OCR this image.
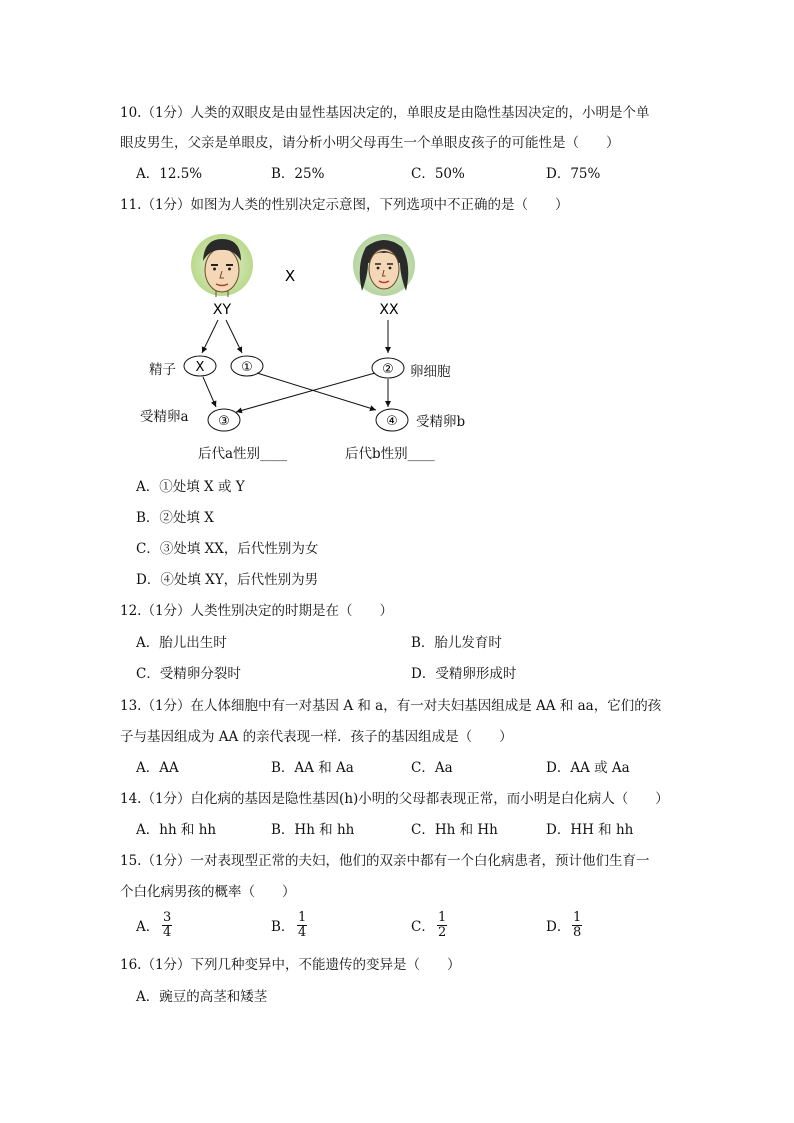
10.（1分）人类的双眼皮是由显性基因决定的，单眼皮是由隐性基因决定的，小明是个单
眼皮男生，父亲是单眼皮，请分析小明父母再生一个单眼皮孩子的可能性是（　　）
A．12.5%	B．25%	C．50%	D．75%
11.（1分）如图为人类的性别决定示意图，下列选项中不正确的是（　　）
X
XY	XX
X	①	②
③	④
精子	卵细胞
受精卵a	受精卵b
后代a性别____	后代b性别____
A．①处填 X 或 Y
B．②处填 X
C．③处填 XX，后代性别为女
D．④处填 XY，后代性别为男
12.（1分）人类性别决定的时期是在（　　）
A．胎儿出生时	B．胎儿发育时
C．受精卵分裂时	D．受精卵形成时
13.（1分）在人体细胞中有一对基因 A 和 a，有一对夫妇基因组成是 AA 和 aa，它们的孩
子与基因组成为 AA 的亲代表现一样．孩子的基因组成是（　　）
A．AA	B．AA 和 Aa	C．Aa	D．AA 或 Aa
14.（1分）白化病的基因是隐性基因(h)小明的父母都表现正常，而小明是白化病人（　　）
A．hh 和 hh	B．Hh 和 hh	C．Hh 和 Hh	D．HH 和 hh
15.（1分）一对表现型正常的夫妇，他们的双亲中都有一个白化病患者，预计他们生育一
个白化病男孩的概率（　　）
A． $\frac{3}{4}$	B． $\frac{1}{4}$	C． $\frac{1}{2}$	D． $\frac{1}{8}$
16.（1分）下列几种变异中，不能遗传的变异是（　　）
A．豌豆的高茎和矮茎
